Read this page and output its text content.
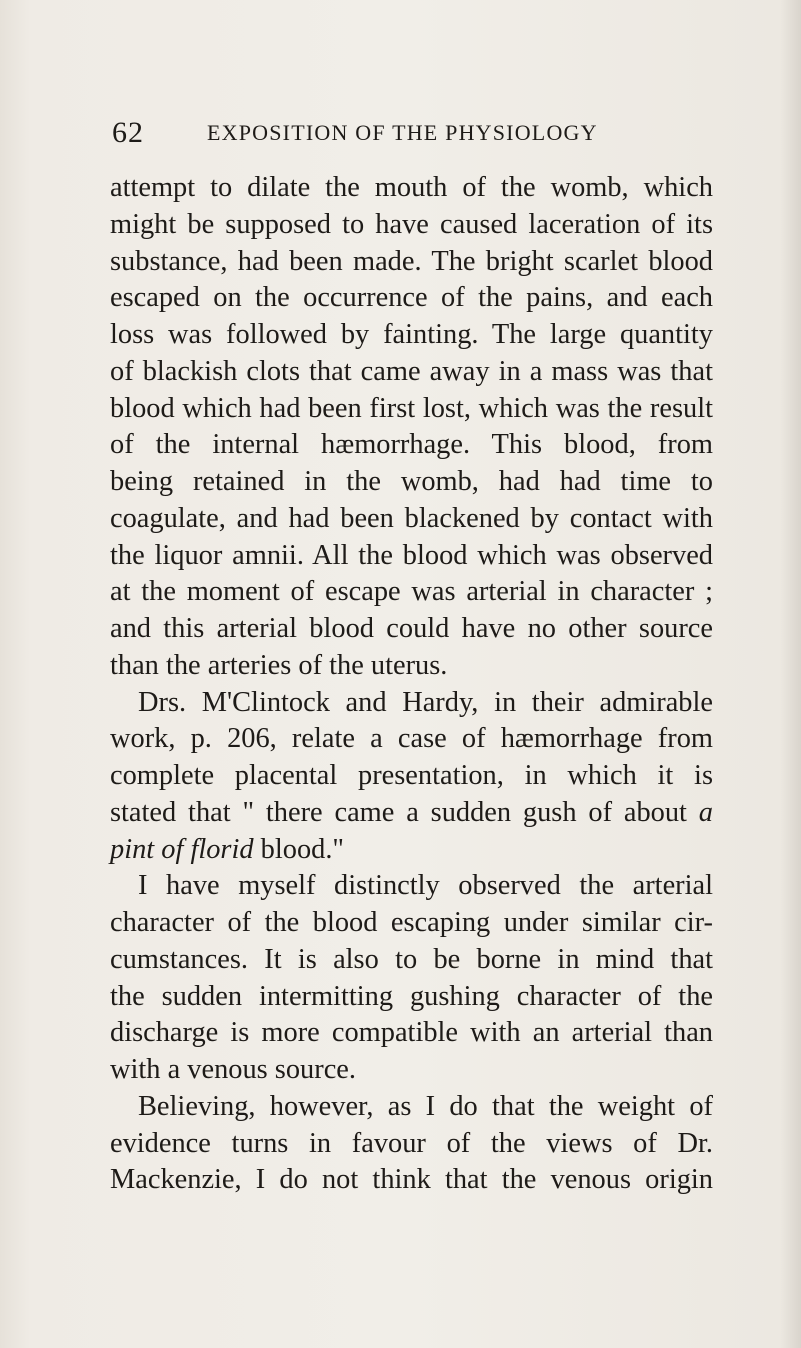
62	EXPOSITION OF THE PHYSIOLOGY
attempt to dilate the mouth of the womb, which
might be supposed to have caused laceration of its
substance, had been made. The bright scarlet blood
escaped on the occurrence of the pains, and each
loss was followed by fainting. The large quantity
of blackish clots that came away in a mass was that
blood which had been first lost, which was the result
of the internal hæmorrhage. This blood, from
being retained in the womb, had had time to
coagulate, and had been blackened by contact with
the liquor amnii. All the blood which was observed
at the moment of escape was arterial in character ;
and this arterial blood could have no other source
than the arteries of the uterus.
Drs. M'Clintock and Hardy, in their admirable
work, p. 206, relate a case of hæmorrhage from
complete placental presentation, in which it is
stated that " there came a sudden gush of about a
pint of florid blood."
I have myself distinctly observed the arterial
character of the blood escaping under similar cir-
cumstances. It is also to be borne in mind that
the sudden intermitting gushing character of the
discharge is more compatible with an arterial than
with a venous source.
Believing, however, as I do that the weight of
evidence turns in favour of the views of Dr.
Mackenzie, I do not think that the venous origin
